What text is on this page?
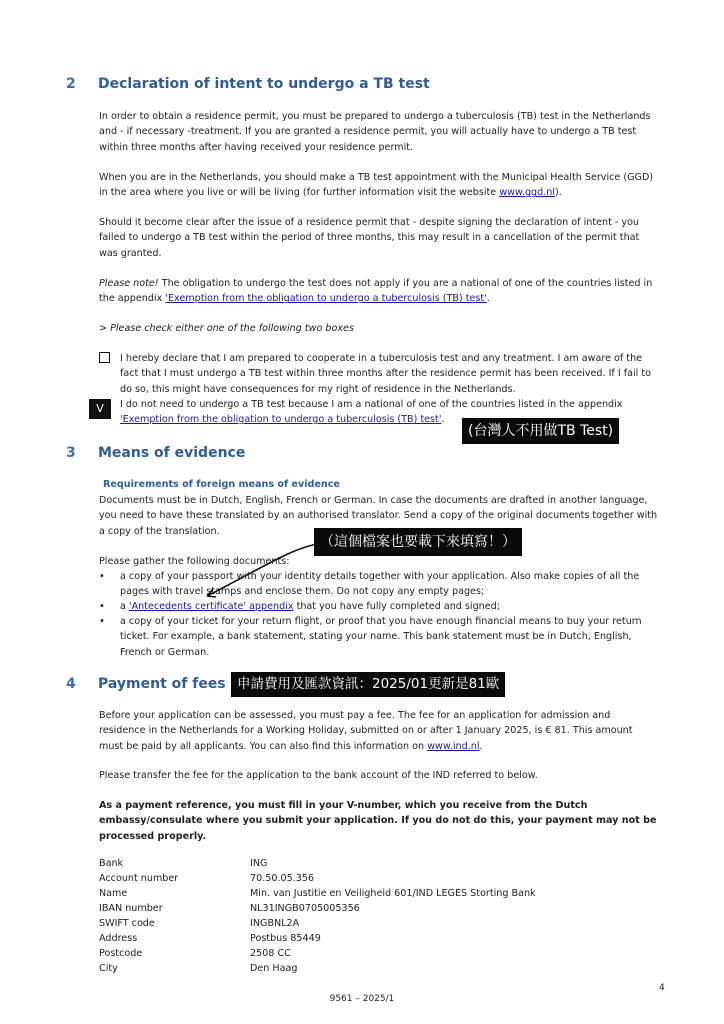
2 Declaration of intent to undergo a TB test

In order to obtain a residence permit, you must be prepared to undergo a tuberculosis (TB) test in the Netherlands and - if necessary -treatment. If you are granted a residence permit, you will actually have to undergo a TB test within three months after having received your residence permit.

When you are in the Netherlands, you should make a TB test appointment with the Municipal Health Service (GGD) in the area where you live or will be living (for further information visit the website www.ggd.nl).

Should it become clear after the issue of a residence permit that - despite signing the declaration of intent - you failed to undergo a TB test within the period of three months, this may result in a cancellation of the permit that was granted.

Please note! The obligation to undergo the test does not apply if you are a national of one of the countries listed in the appendix 'Exemption from the obligation to undergo a tuberculosis (TB) test'.

> Please check either one of the following two boxes

I hereby declare that I am prepared to cooperate in a tuberculosis test and any treatment. I am aware of the fact that I must undergo a TB test within three months after the residence permit has been received. If I fail to do so, this might have consequences for my right of residence in the Netherlands.

V	I do not need to undergo a TB test because I am a national of one of the countries listed in the appendix
'Exemption from the obligation to undergo a tuberculosis (TB) test'.

(台灣人不用做TB Test)
3 Means of evidence
Requirements of foreign means of evidence

Documents must be in Dutch, English, French or German. In case the documents are drafted in another language, you need to have these translated by an authorised translator. Send a copy of the original documents together with a copy of the translation.

（這個檔案也要載下來填寫！）

Please gather the following documents:

• a copy of your passport with your identity details together with your application. Also make copies of all the pages with travel stamps and enclose them. Do not copy any empty pages;

• a 'Antecedents certificate' appendix that you have fully completed and signed;

• a copy of your ticket for your return flight, or proof that you have enough financial means to buy your return ticket. For example, a bank statement, stating your name. This bank statement must be in Dutch, English, French or German.

4 Payment of fees 申請費用及匯款資訊：2025/01更新是81歐

Before your application can be assessed, you must pay a fee. The fee for an application for admission and residence in the Netherlands for a Working Holiday, submitted on or after 1 January 2025, is € 81. This amount must be paid by all applicants. You can also find this information on www.ind.nl.

Please transfer the fee for the application to the bank account of the IND referred to below.

As a payment reference, you must fill in your V-number, which you receive from the Dutch embassy/consulate where you submit your application. If you do not do this, your payment may not be processed properly.

Bank	ING
Account number	70.50.05.356
Name	Min. van Justitie en Veiligheid 601/IND LEGES Storting Bank
IBAN number	NL31INGB0705005356
SWIFT code	INGBNL2A
Address	Postbus 85449
Postcode	2508 CC
City	Den Haag
4
9561 – 2025/1
